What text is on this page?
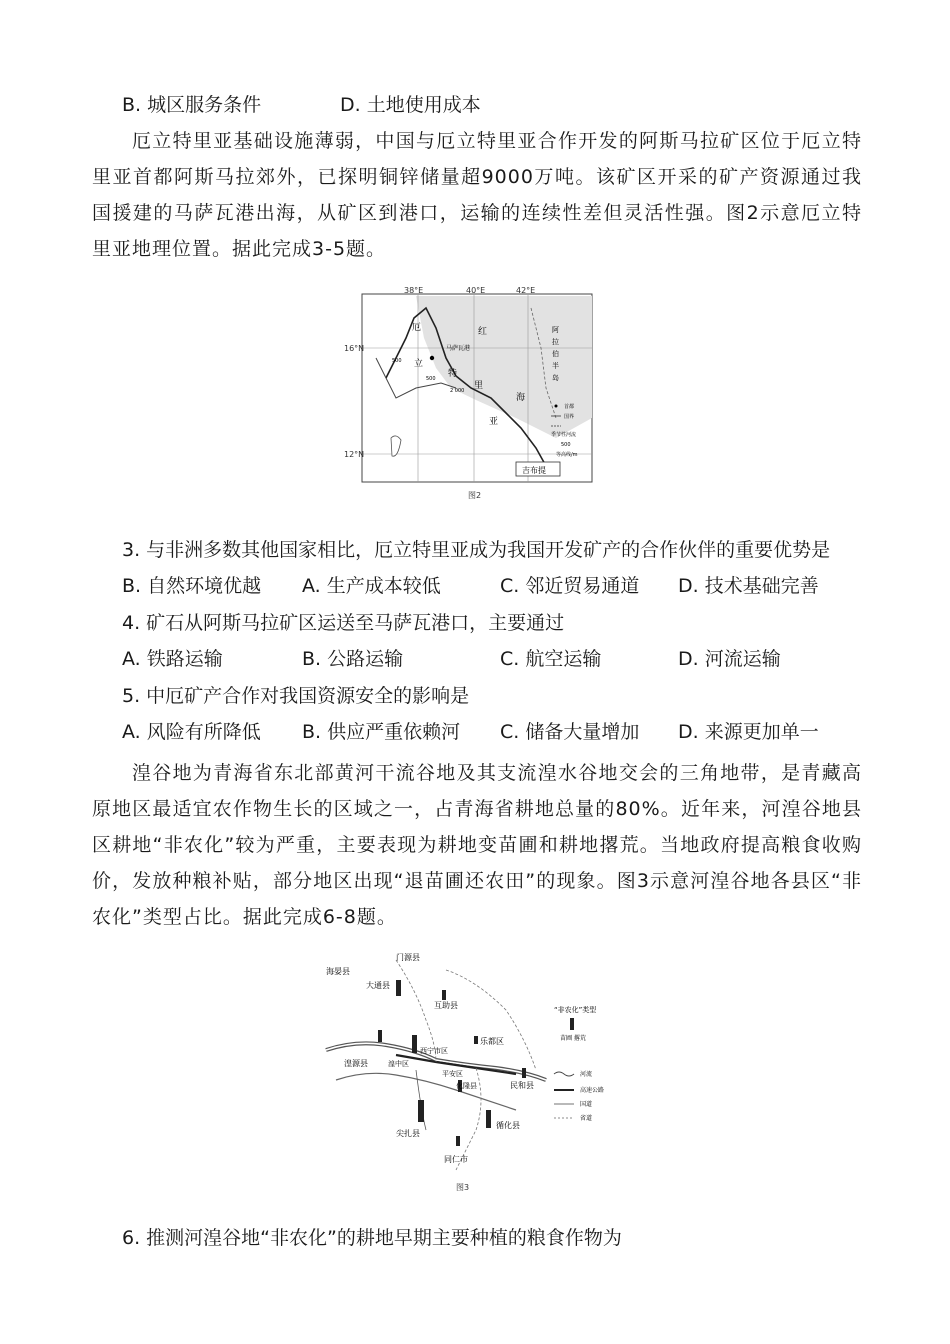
B. 城区服务条件	D. 土地使用成本
厄立特里亚基础设施薄弱，中国与厄立特里亚合作开发的阿斯马拉矿区位于厄立特里亚首都阿斯马拉郊外，已探明铜锌储量超9000万吨。该矿区开采的矿产资源通过我国援建的马萨瓦港出海，从矿区到港口，运输的连续性差但灵活性强。图2示意厄立特里亚地理位置。据此完成3-5题。
38°E	40°E	42°E
16°N
12°N
厄
立
特
里
亚
红
海
阿
拉
伯
半
岛
马萨瓦港
500
500
2 000
吉布提
首都
国界
季节性河流
500
等高线/m
图2
3. 与非洲多数其他国家相比，厄立特里亚成为我国开发矿产的合作伙伴的重要优势是
B. 自然环境优越 A. 生产成本较低	C. 邻近贸易通道 D. 技术基础完善
4. 矿石从阿斯马拉矿区运送至马萨瓦港口，主要通过
A. 铁路运输	B. 公路运输	C. 航空运输	D. 河流运输
5. 中厄矿产合作对我国资源安全的影响是
A. 风险有所降低 B. 供应严重依赖河 C. 储备大量增加 D. 来源更加单一
湟谷地为青海省东北部黄河干流谷地及其支流湟水谷地交会的三角地带，是青藏高原地区最适宜农作物生长的区域之一，占青海省耕地总量的80%。近年来，河湟谷地县区耕地“非农化”较为严重，主要表现为耕地变苗圃和耕地撂荒。当地政府提高粮食收购价，发放种粮补贴，部分地区出现“退苗圃还农田”的现象。图3示意河湟谷地各县区“非农化”类型占比。据此完成6-8题。
门源县
海晏县
大通县
互助县
乐都区
湟源县	湟中区
西宁市区
平安区
化隆县	民和县
尖扎县
循化县
同仁市
“非农化”类型
苗圃 撂荒
河流
高速公路
国道
省道
图3
6. 推测河湟谷地“非农化”的耕地早期主要种植的粮食作物为
